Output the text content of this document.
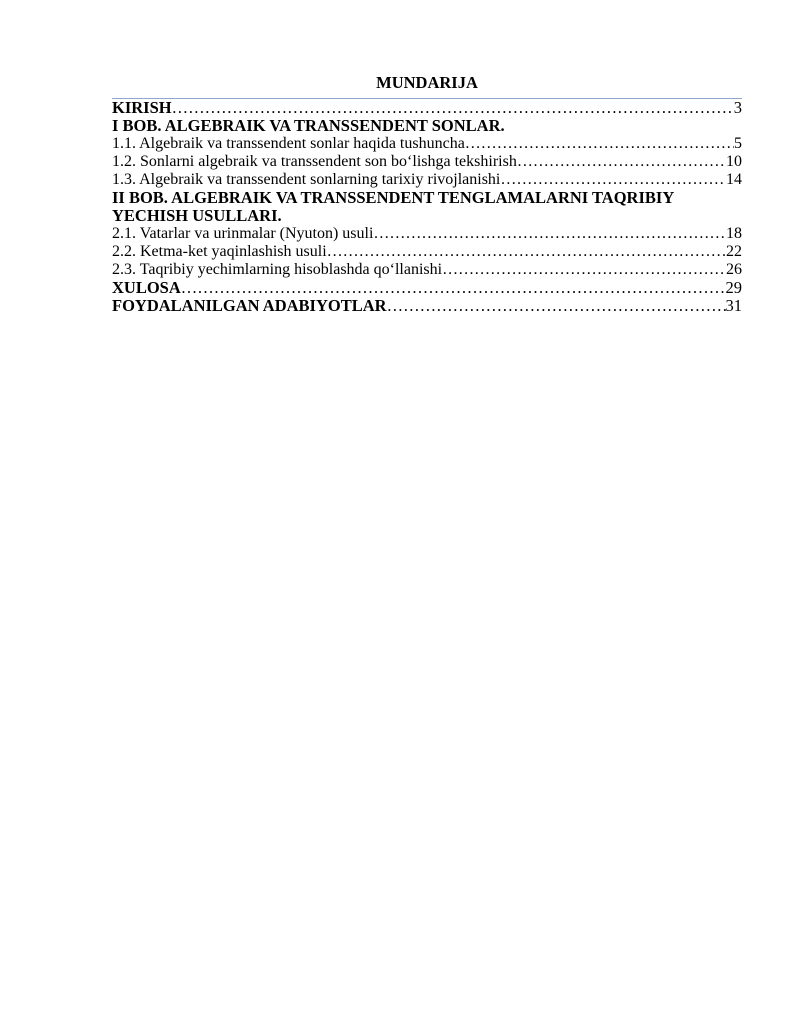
MUNDARIJA
KIRISH ……………………………………………………………………………………………………………………………………………………………………………………	3
I BOB. ALGEBRAIK VA TRANSSENDENT SONLAR.
1.1. Algebraik va transsendent sonlar haqida tushuncha ……………………………………………………………………………………………………………………………………………………………………………………	5
1.2. Sonlarni algebraik va transsendent son bo‘lishga tekshirish ……………………………………………………………………………………………………………………………………………………………………………………	10
1.3. Algebraik va transsendent sonlarning tarixiy rivojlanishi ……………………………………………………………………………………………………………………………………………………………………………………	14
II BOB. ALGEBRAIK VA TRANSSENDENT TENGLAMALARNI TAQRIBIY
YECHISH USULLARI.
2.1. Vatarlar va urinmalar (Nyuton) usuli ……………………………………………………………………………………………………………………………………………………………………………………	18
2.2. Ketma-ket yaqinlashish usuli ……………………………………………………………………………………………………………………………………………………………………………………	22
2.3. Taqribiy yechimlarning hisoblashda qo‘llanishi ……………………………………………………………………………………………………………………………………………………………………………………	26
XULOSA ……………………………………………………………………………………………………………………………………………………………………………………	29
FOYDALANILGAN ADABIYOTLAR ……………………………………………………………………………………………………………………………………………………………………………………	31
